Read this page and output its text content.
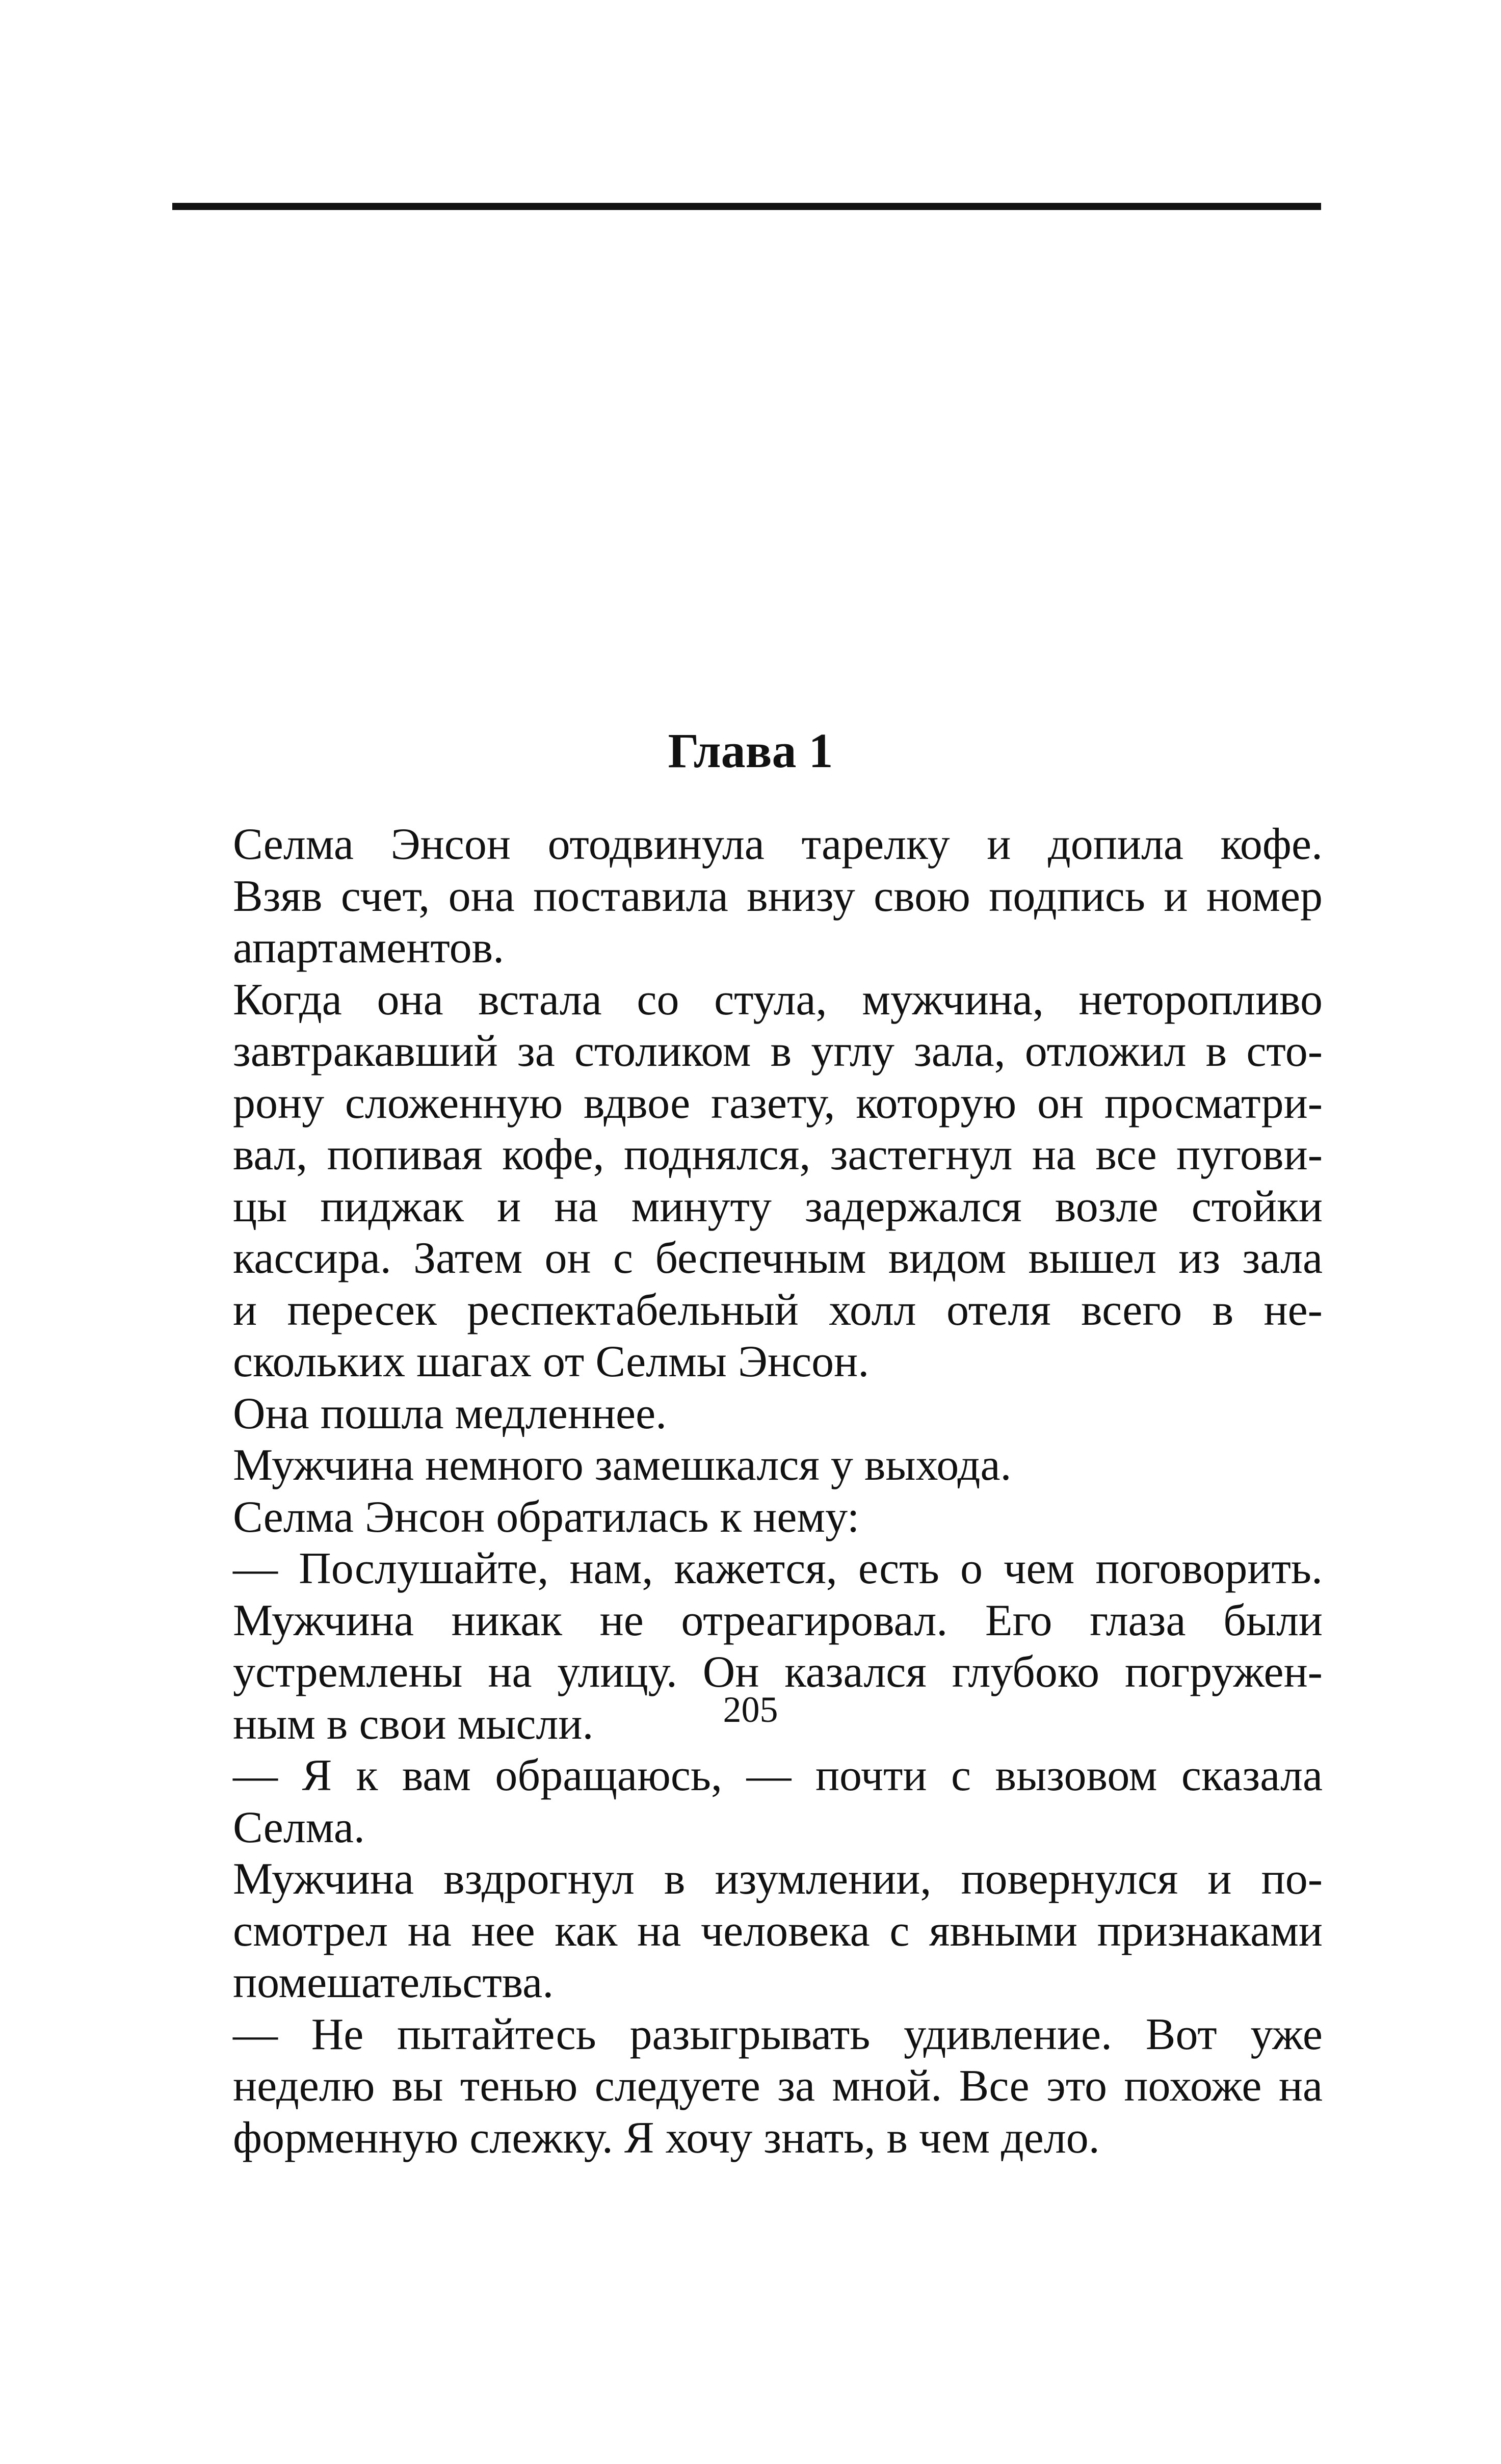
Глава 1
Селма Энсон отодвинула тарелку и допила кофе.
Взяв счет, она поставила внизу свою подпись и номер
апартаментов.
Когда она встала со стула, мужчина, неторопливо
завтракавший за столиком в углу зала, отложил в сто-
рону сложенную вдвое газету, которую он просматри-
вал, попивая кофе, поднялся, застегнул на все пугови-
цы пиджак и на минуту задержался возле стойки
кассира. Затем он с беспечным видом вышел из зала
и пересек респектабельный холл отеля всего в не-
скольких шагах от Селмы Энсон.
Она пошла медленнее.
Мужчина немного замешкался у выхода.
Селма Энсон обратилась к нему:
— Послушайте, нам, кажется, есть о чем поговорить.
Мужчина никак не отреагировал. Его глаза были
устремлены на улицу. Он казался глубоко погружен-
ным в свои мысли.
— Я к вам обращаюсь, — почти с вызовом сказала
Селма.
Мужчина вздрогнул в изумлении, повернулся и по-
смотрел на нее как на человека с явными признаками
помешательства.
— Не пытайтесь разыгрывать удивление. Вот уже
неделю вы тенью следуете за мной. Все это похоже на
форменную слежку. Я хочу знать, в чем дело.
205
